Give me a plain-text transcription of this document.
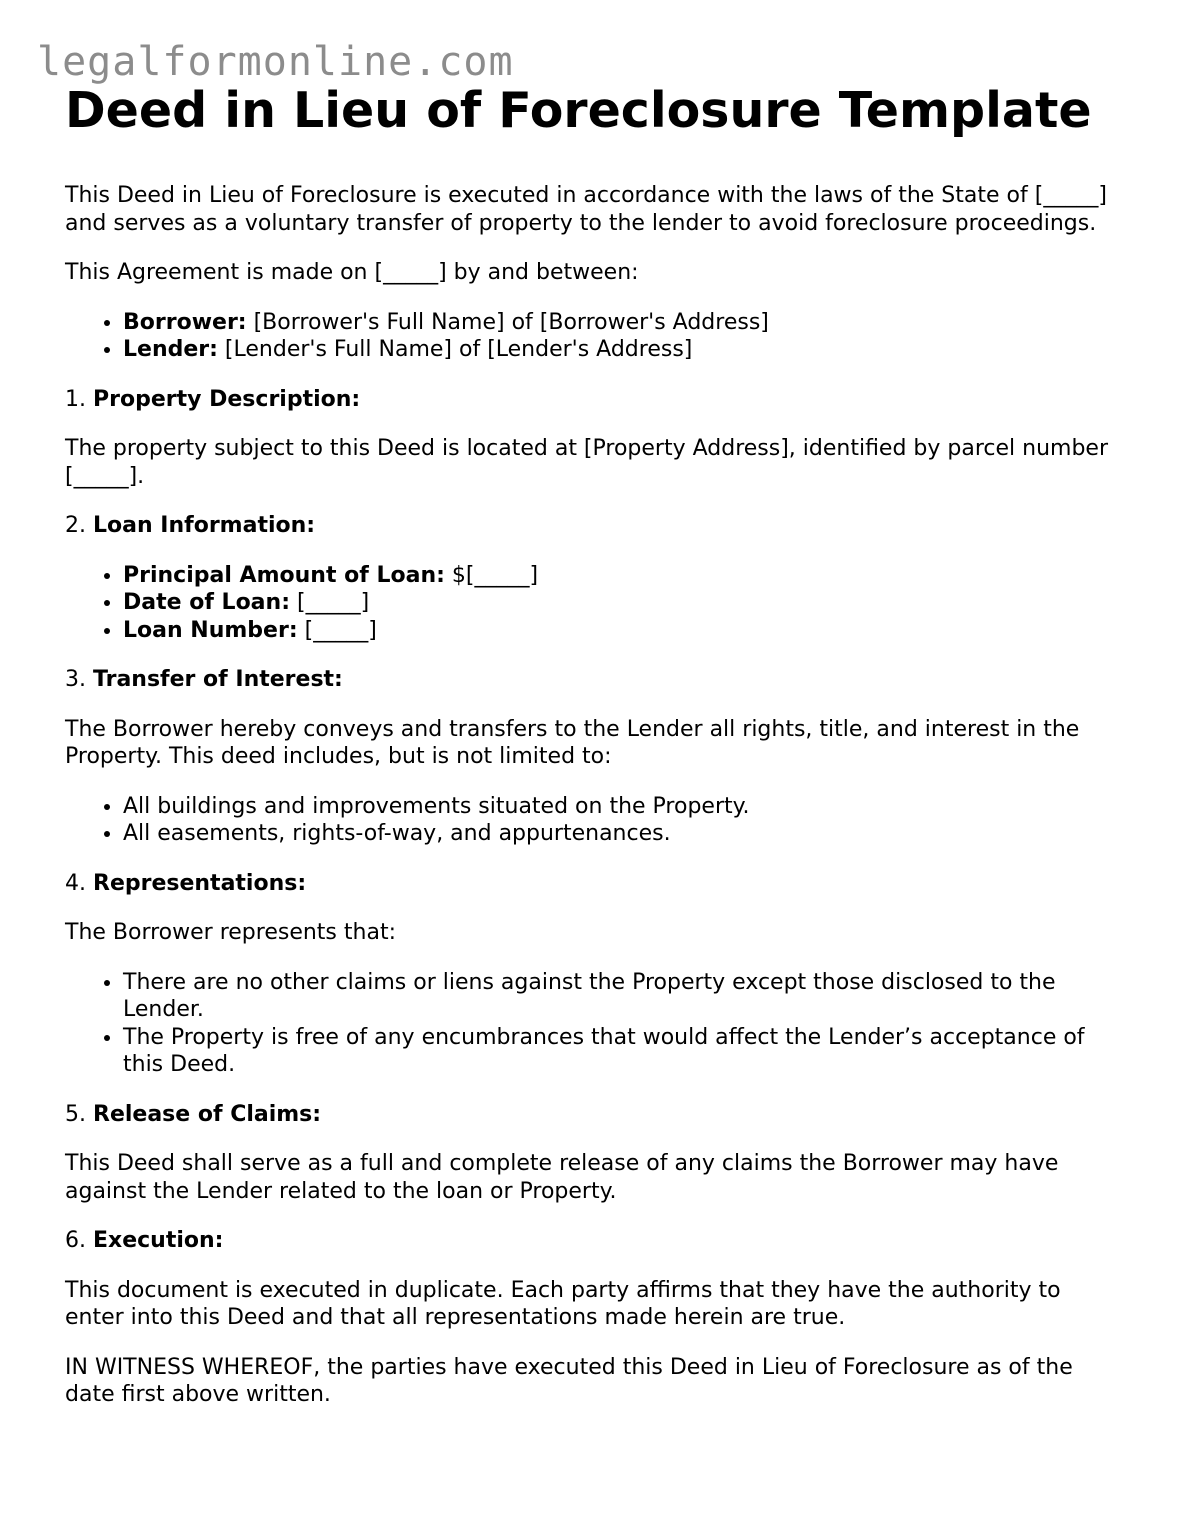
legalformonline.com
Deed in Lieu of Foreclosure Template

This Deed in Lieu of Foreclosure is executed in accordance with the laws of the State of [_____] and serves as a voluntary transfer of property to the lender to avoid foreclosure proceedings.

This Agreement is made on [_____] by and between:

• Borrower: [Borrower's Full Name] of [Borrower's Address]
• Lender: [Lender's Full Name] of [Lender's Address]
1. Property Description:

The property subject to this Deed is located at [Property Address], identified by parcel number [_____].

2. Loan Information:
• Principal Amount of Loan: $[_____]
• Date of Loan: [_____]
• Loan Number: [_____]
3. Transfer of Interest:

The Borrower hereby conveys and transfers to the Lender all rights, title, and interest in the Property. This deed includes, but is not limited to:

• All buildings and improvements situated on the Property.
• All easements, rights-of-way, and appurtenances.
4. Representations:

The Borrower represents that:

• There are no other claims or liens against the Property except those disclosed to the Lender.
• The Property is free of any encumbrances that would affect the Lender’s acceptance of this Deed.
5. Release of Claims:

This Deed shall serve as a full and complete release of any claims the Borrower may have against the Lender related to the loan or Property.

6. Execution:

This document is executed in duplicate. Each party affirms that they have the authority to enter into this Deed and that all representations made herein are true.

IN WITNESS WHEREOF, the parties have executed this Deed in Lieu of Foreclosure as of the date first above written.
